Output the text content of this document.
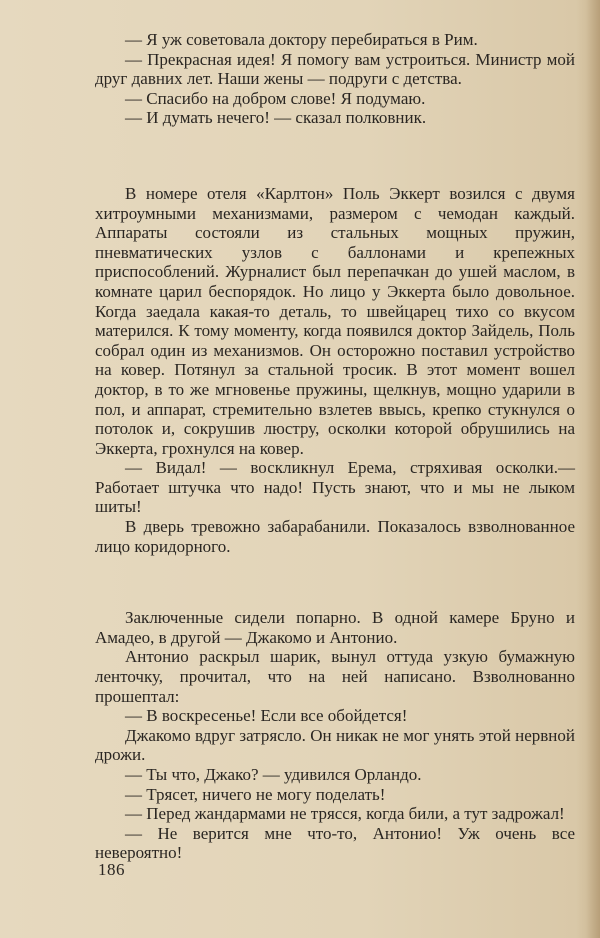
— Я уж советовала доктору перебираться в Рим.

— Прекрасная идея! Я помогу вам устроиться. Министр мой друг давних лет. Наши жены — подруги с детства.

— Спасибо на добром слове! Я подумаю.

— И думать нечего! — сказал полковник.

В номере отеля «Карлтон» Поль Эккерт возился с двумя хитроумными механизмами, размером с чемодан каждый. Аппараты состояли из стальных мощных пружин, пневматических узлов с баллонами и крепежных приспособлений. Журналист был перепачкан до ушей маслом, в комнате царил беспорядок. Но лицо у Эккерта было довольное. Когда заедала какая-то деталь, то швейцарец тихо со вкусом матерился. К тому моменту, когда появился доктор Зайдель, Поль собрал один из механизмов. Он осторожно поставил устройство на ковер. Потянул за стальной тросик. В этот момент вошел доктор, в то же мгновенье пружины, щелкнув, мощно ударили в пол, и аппарат, стремительно взлетев ввысь, крепко стукнулся о потолок и, сокрушив люстру, осколки которой обрушились на Эккерта, грохнулся на ковер.

— Видал! — воскликнул Ерема, стряхивая осколки.— Работает штучка что надо! Пусть знают, что и мы не лыком шиты!

В дверь тревожно забарабанили. Показалось взволнованное лицо коридорного.

Заключенные сидели попарно. В одной камере Бруно и Амадео, в другой — Джакомо и Антонио.

Антонио раскрыл шарик, вынул оттуда узкую бумажную ленточку, прочитал, что на ней написано. Взволнованно прошептал:

— В воскресенье! Если все обойдется!

Джакомо вдруг затрясло. Он никак не мог унять этой нервной дрожи.

— Ты что, Джако? — удивился Орландо.

— Трясет, ничего не могу поделать!

— Перед жандармами не трясся, когда били, а тут задрожал!

— Не верится мне что-то, Антонио! Уж очень все невероятно!

186
